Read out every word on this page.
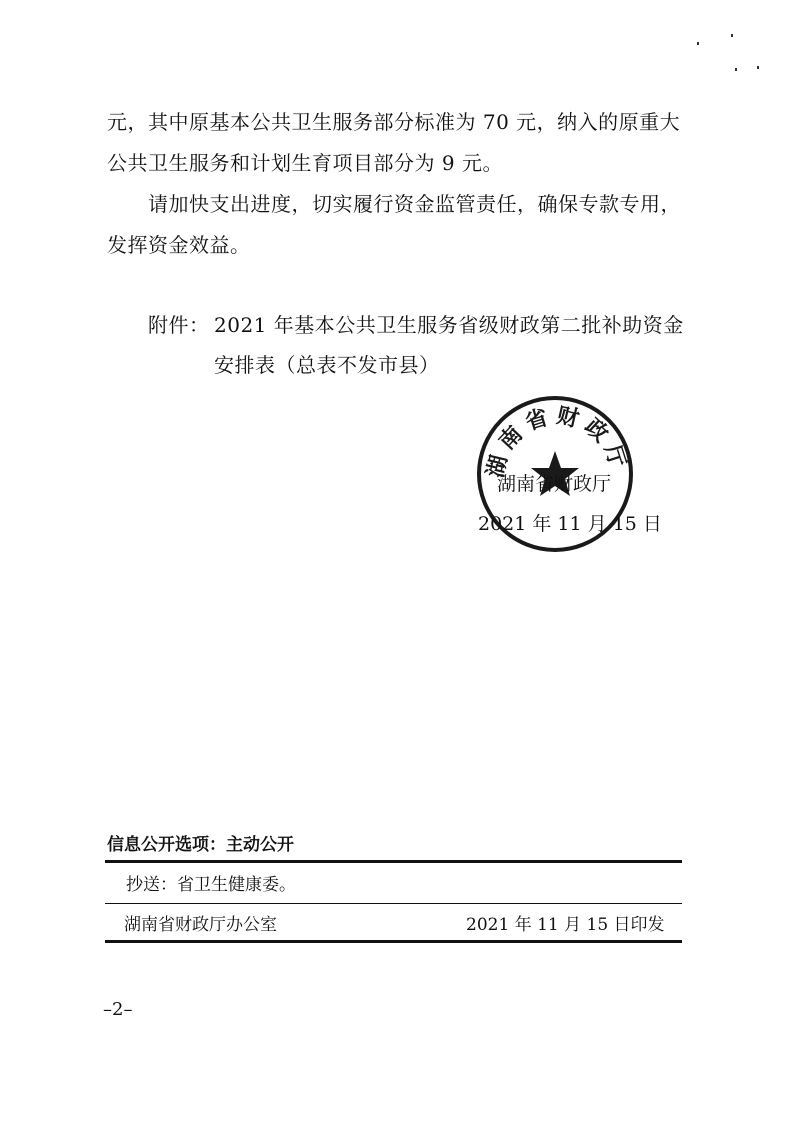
元，其中原基本公共卫生服务部分标准为 70 元，纳入的原重大
公共卫生服务和计划生育项目部分为 9 元。
请加快支出进度，切实履行资金监管责任，确保专款专用，
发挥资金效益。
附件： 2021 年基本公共卫生服务省级财政第二批补助资金
安排表（总表不发市县）
湖南省财政厅
湖南省财政厅
2021 年 11 月 15 日
信息公开选项：主动公开
抄送：省卫生健康委。
湖南省财政厅办公室	2021 年 11 月 15 日印发
–2–
